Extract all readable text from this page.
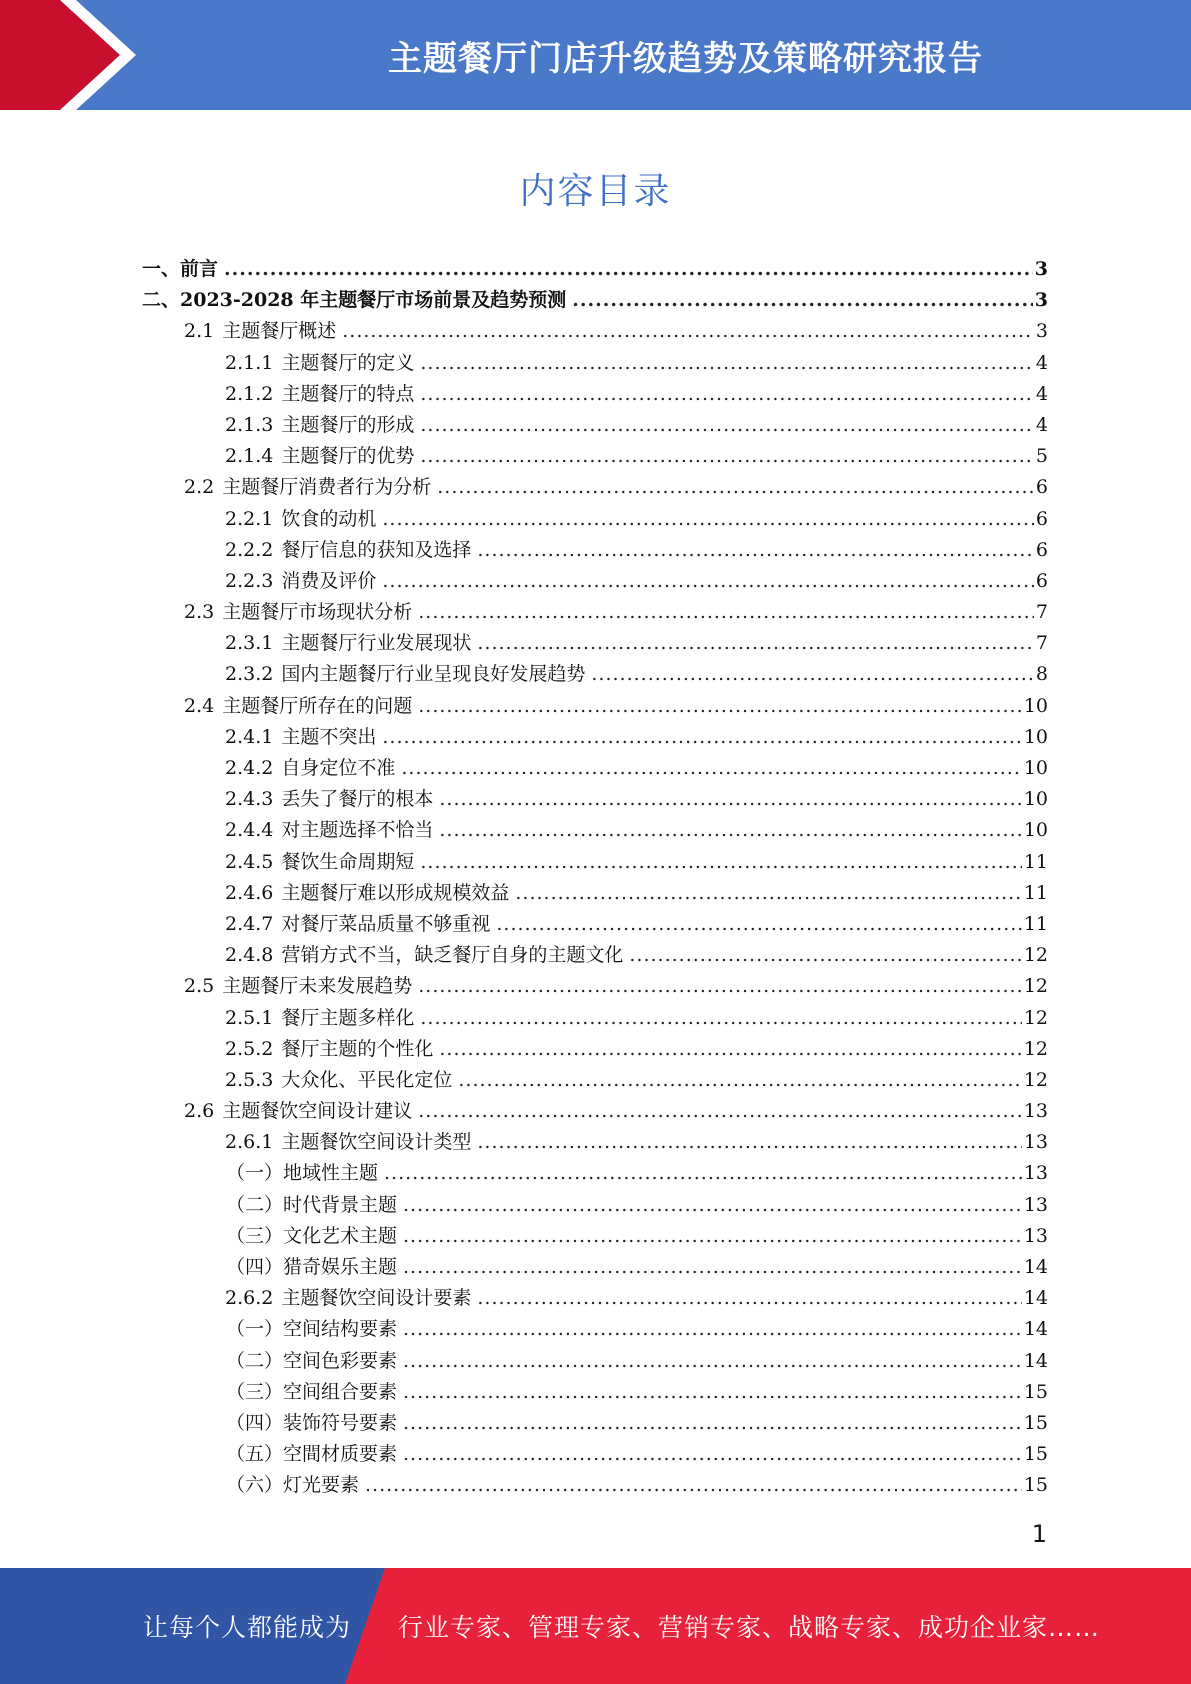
主题餐厅门店升级趋势及策略研究报告
内容目录
一、前言 .....	3
二、2023-2028 年主题餐厅市场前景及趋势预测 .....	3
2.1 主题餐厅概述 .....	3
2.1.1 主题餐厅的定义 .....	4
2.1.2 主题餐厅的特点 .....	4
2.1.3 主题餐厅的形成 .....	4
2.1.4 主题餐厅的优势 .....	5
2.2 主题餐厅消费者行为分析 .....	6
2.2.1 饮食的动机 .....	6
2.2.2 餐厅信息的获知及选择 .....	6
2.2.3 消费及评价 .....	6
2.3 主题餐厅市场现状分析 .....	7
2.3.1 主题餐厅行业发展现状 .....	7
2.3.2 国内主题餐厅行业呈现良好发展趋势 .....	8
2.4 主题餐厅所存在的问题 .....	10
2.4.1 主题不突出 .....	10
2.4.2 自身定位不准 .....	10
2.4.3 丢失了餐厅的根本 .....	10
2.4.4 对主题选择不恰当 .....	10
2.4.5 餐饮生命周期短 .....	11
2.4.6 主题餐厅难以形成规模效益 .....	11
2.4.7 对餐厅菜品质量不够重视 .....	11
2.4.8 营销方式不当，缺乏餐厅自身的主题文化 .....	12
2.5 主题餐厅未来发展趋势 .....	12
2.5.1 餐厅主题多样化 .....	12
2.5.2 餐厅主题的个性化 .....	12
2.5.3 大众化、平民化定位 .....	12
2.6 主题餐饮空间设计建议 .....	13
2.6.1 主题餐饮空间设计类型 .....	13
（一）地域性主题 .....	13
（二）时代背景主题 .....	13
（三）文化艺术主题 .....	13
（四）猎奇娱乐主题 .....	14
2.6.2 主题餐饮空间设计要素 .....	14
（一）空间结构要素 .....	14
（二）空间色彩要素 .....	14
（三）空间组合要素 .....	15
（四）装饰符号要素 .....	15
（五）空間材质要素 .....	15
（六）灯光要素 .....	15
1
让每个人都能成为 行业专家、管理专家、营销专家、战略专家、成功企业家……
